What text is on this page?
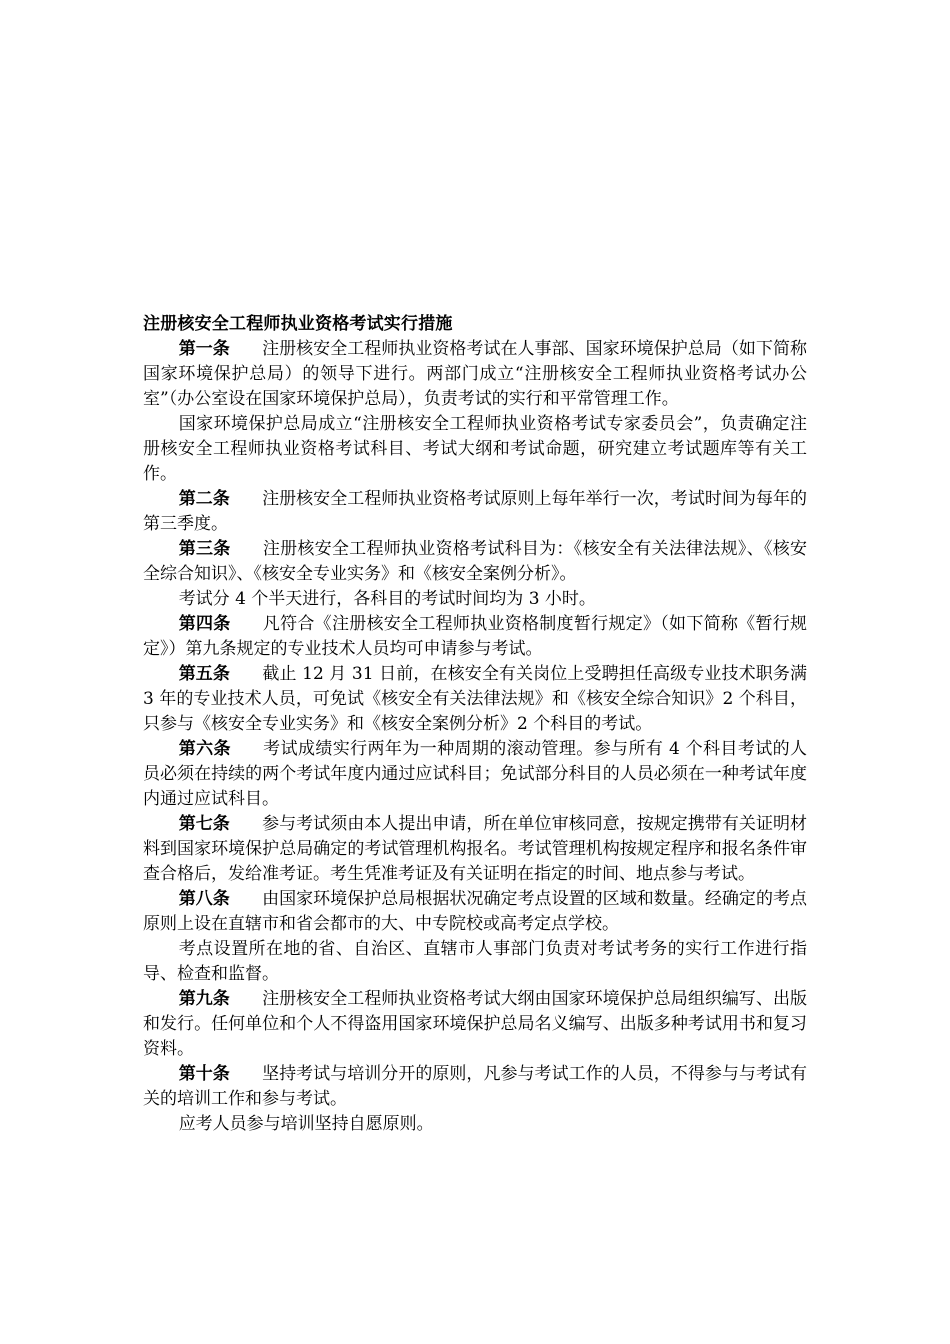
注册核安全工程师执业资格考试实行措施

第一条 注册核安全工程师执业资格考试在人事部、国家环境保护总局（如下简称国家环境保护总局）的领导下进行。两部门成立“注册核安全工程师执业资格考试办公室”（办公室设在国家环境保护总局），负责考试的实行和平常管理工作。

国家环境保护总局成立“注册核安全工程师执业资格考试专家委员会”，负责确定注册核安全工程师执业资格考试科目、考试大纲和考试命题，研究建立考试题库等有关工作。

第二条 注册核安全工程师执业资格考试原则上每年举行一次，考试时间为每年的第三季度。

第三条 注册核安全工程师执业资格考试科目为：《核安全有关法律法规》、《核安全综合知识》、《核安全专业实务》和《核安全案例分析》。

考试分 4 个半天进行，各科目的考试时间均为 3 小时。

第四条 凡符合《注册核安全工程师执业资格制度暂行规定》（如下简称《暂行规定》）第九条规定的专业技术人员均可申请参与考试。

第五条 截止 12 月 31 日前，在核安全有关岗位上受聘担任高级专业技术职务满 3 年的专业技术人员，可免试《核安全有关法律法规》和《核安全综合知识》2 个科目，只参与《核安全专业实务》和《核安全案例分析》2 个科目的考试。

第六条 考试成绩实行两年为一种周期的滚动管理。参与所有 4 个科目考试的人员必须在持续的两个考试年度内通过应试科目；免试部分科目的人员必须在一种考试年度内通过应试科目。

第七条 参与考试须由本人提出申请，所在单位审核同意，按规定携带有关证明材料到国家环境保护总局确定的考试管理机构报名。考试管理机构按规定程序和报名条件审查合格后，发给准考证。考生凭准考证及有关证明在指定的时间、地点参与考试。

第八条 由国家环境保护总局根据状况确定考点设置的区域和数量。经确定的考点原则上设在直辖市和省会都市的大、中专院校或高考定点学校。

考点设置所在地的省、自治区、直辖市人事部门负责对考试考务的实行工作进行指导、检查和监督。

第九条 注册核安全工程师执业资格考试大纲由国家环境保护总局组织编写、出版和发行。任何单位和个人不得盗用国家环境保护总局名义编写、出版多种考试用书和复习资料。

第十条 坚持考试与培训分开的原则，凡参与考试工作的人员，不得参与与考试有关的培训工作和参与考试。

应考人员参与培训坚持自愿原则。
